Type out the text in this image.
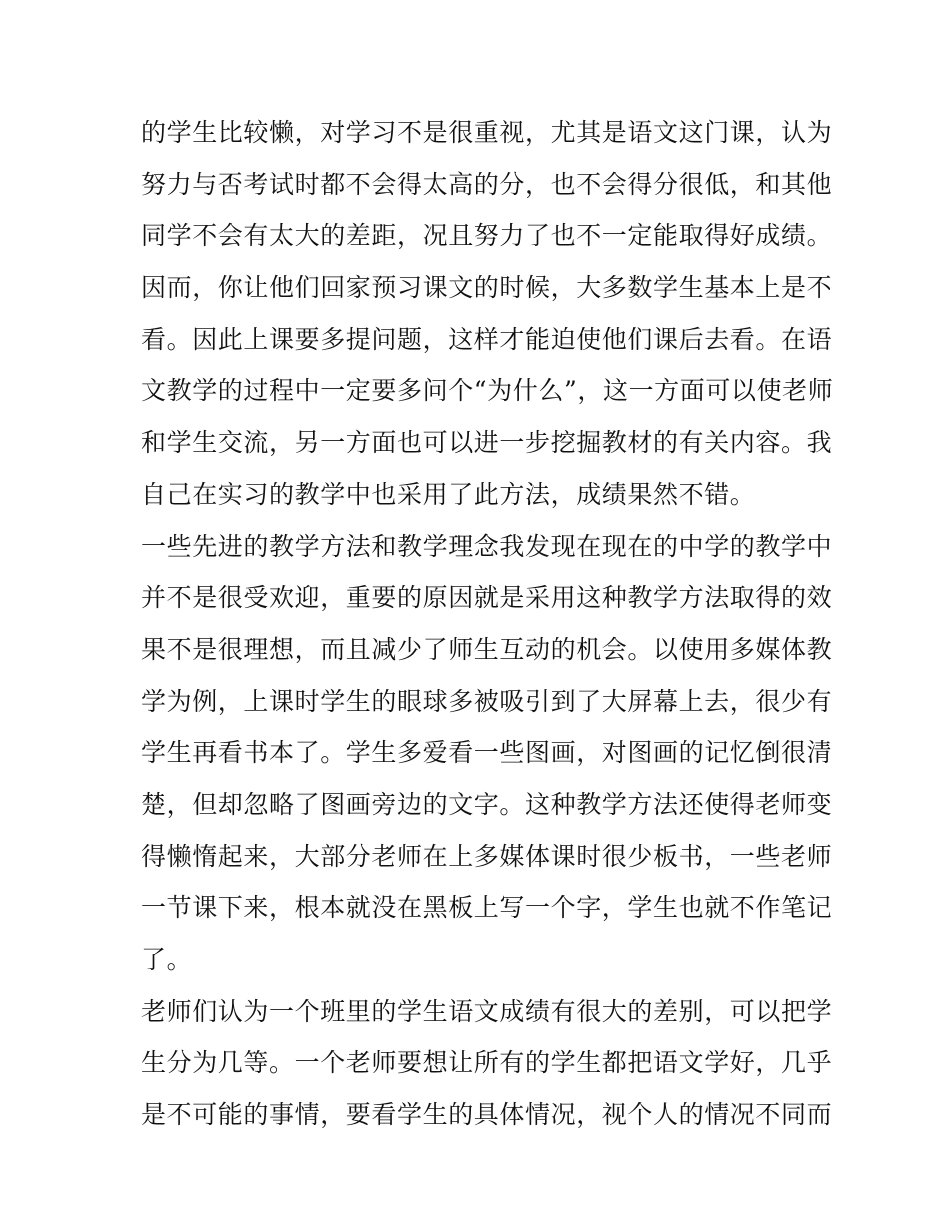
的学生比较懒，对学习不是很重视，尤其是语文这门课，认为
努力与否考试时都不会得太高的分，也不会得分很低，和其他
同学不会有太大的差距，况且努力了也不一定能取得好成绩。
因而，你让他们回家预习课文的时候，大多数学生基本上是不
看。因此上课要多提问题，这样才能迫使他们课后去看。在语
文教学的过程中一定要多问个“为什么”，这一方面可以使老师
和学生交流，另一方面也可以进一步挖掘教材的有关内容。我
自己在实习的教学中也采用了此方法，成绩果然不错。
一些先进的教学方法和教学理念我发现在现在的中学的教学中
并不是很受欢迎，重要的原因就是采用这种教学方法取得的效
果不是很理想，而且减少了师生互动的机会。以使用多媒体教
学为例，上课时学生的眼球多被吸引到了大屏幕上去，很少有
学生再看书本了。学生多爱看一些图画，对图画的记忆倒很清
楚，但却忽略了图画旁边的文字。这种教学方法还使得老师变
得懒惰起来，大部分老师在上多媒体课时很少板书，一些老师
一节课下来，根本就没在黑板上写一个字，学生也就不作笔记
了。
老师们认为一个班里的学生语文成绩有很大的差别，可以把学
生分为几等。一个老师要想让所有的学生都把语文学好，几乎
是不可能的事情，要看学生的具体情况，视个人的情况不同而
